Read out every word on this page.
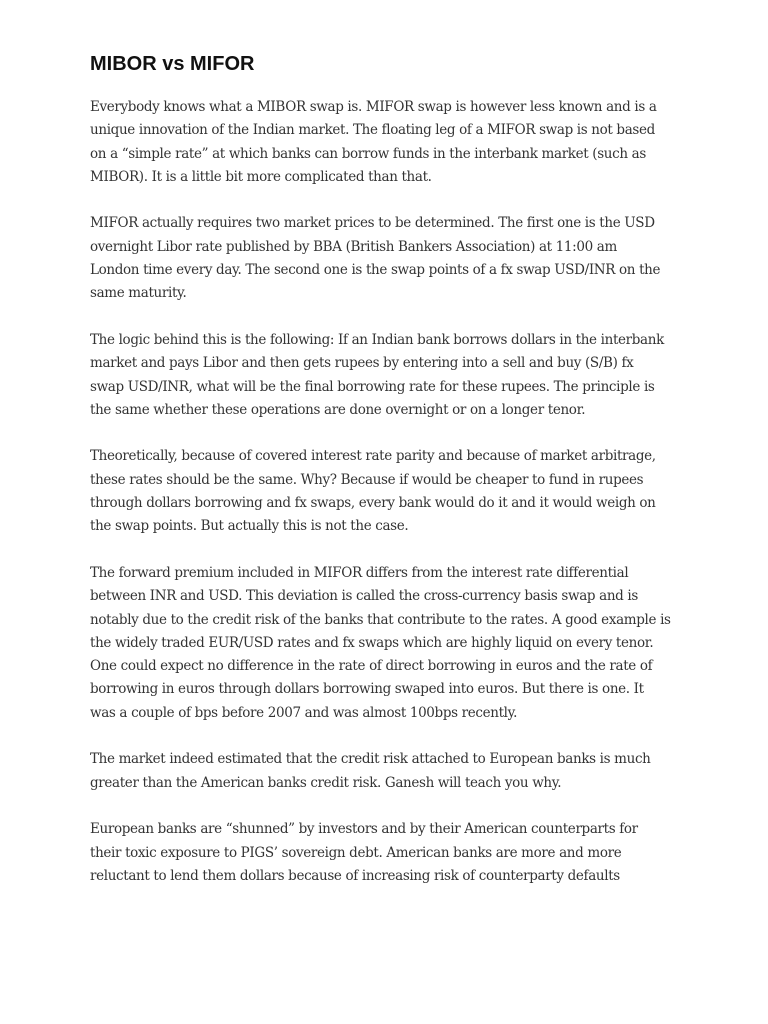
MIBOR vs MIFOR

Everybody knows what a MIBOR swap is. MIFOR swap is however less known and is a
unique innovation of the Indian market. The floating leg of a MIFOR swap is not based
on a “simple rate” at which banks can borrow funds in the interbank market (such as
MIBOR). It is a little bit more complicated than that.

MIFOR actually requires two market prices to be determined. The first one is the USD
overnight Libor rate published by BBA (British Bankers Association) at 11:00 am
London time every day. The second one is the swap points of a fx swap USD/INR on the
same maturity.

The logic behind this is the following: If an Indian bank borrows dollars in the interbank
market and pays Libor and then gets rupees by entering into a sell and buy (S/B) fx
swap USD/INR, what will be the final borrowing rate for these rupees. The principle is
the same whether these operations are done overnight or on a longer tenor.

Theoretically, because of covered interest rate parity and because of market arbitrage,
these rates should be the same. Why? Because if would be cheaper to fund in rupees
through dollars borrowing and fx swaps, every bank would do it and it would weigh on
the swap points. But actually this is not the case.

The forward premium included in MIFOR differs from the interest rate differential
between INR and USD. This deviation is called the cross-currency basis swap and is
notably due to the credit risk of the banks that contribute to the rates. A good example is
the widely traded EUR/USD rates and fx swaps which are highly liquid on every tenor.
One could expect no difference in the rate of direct borrowing in euros and the rate of
borrowing in euros through dollars borrowing swaped into euros. But there is one. It
was a couple of bps before 2007 and was almost 100bps recently.

The market indeed estimated that the credit risk attached to European banks is much
greater than the American banks credit risk. Ganesh will teach you why.

European banks are “shunned” by investors and by their American counterparts for
their toxic exposure to PIGS’ sovereign debt. American banks are more and more
reluctant to lend them dollars because of increasing risk of counterparty defaults
